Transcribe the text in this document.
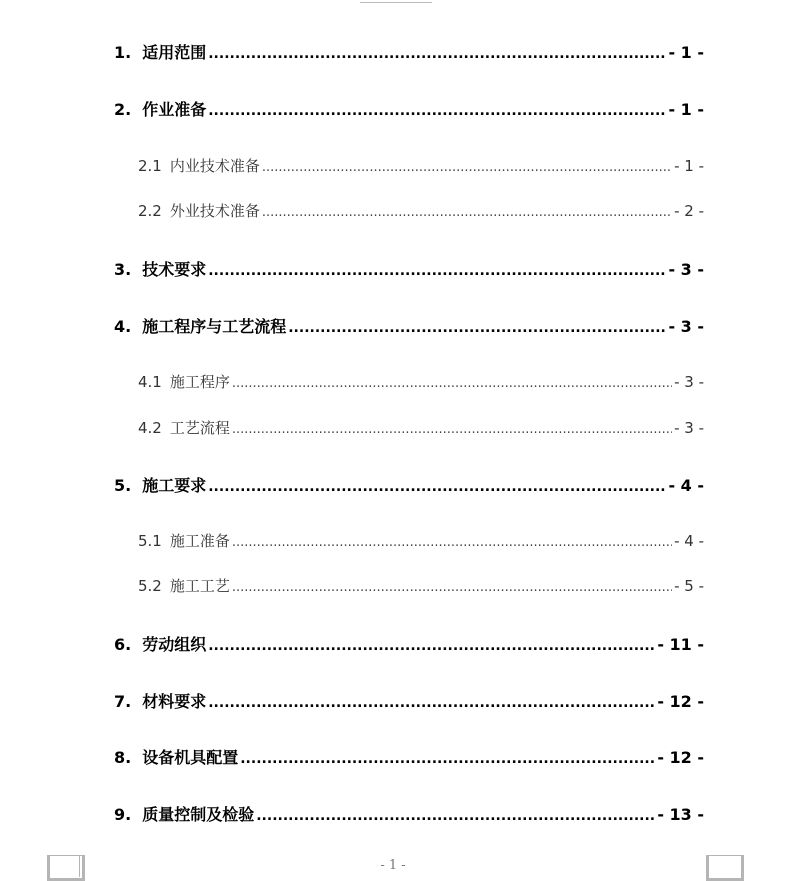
1. 适用范围 .....	- 1 -
2. 作业准备 .....	- 1 -
2.1 内业技术准备 .....	- 1 -
2.2 外业技术准备 .....	- 2 -
3. 技术要求 .....	- 3 -
4. 施工程序与工艺流程 .....	- 3 -
4.1 施工程序 .....	- 3 -
4.2 工艺流程 .....	- 3 -
5. 施工要求 .....	- 4 -
5.1 施工准备 .....	- 4 -
5.2 施工工艺 .....	- 5 -
6. 劳动组织 .....	- 11 -
7. 材料要求 .....	- 12 -
8. 设备机具配置 .....	- 12 -
9. 质量控制及检验 .....	- 13 -
- 1 -
